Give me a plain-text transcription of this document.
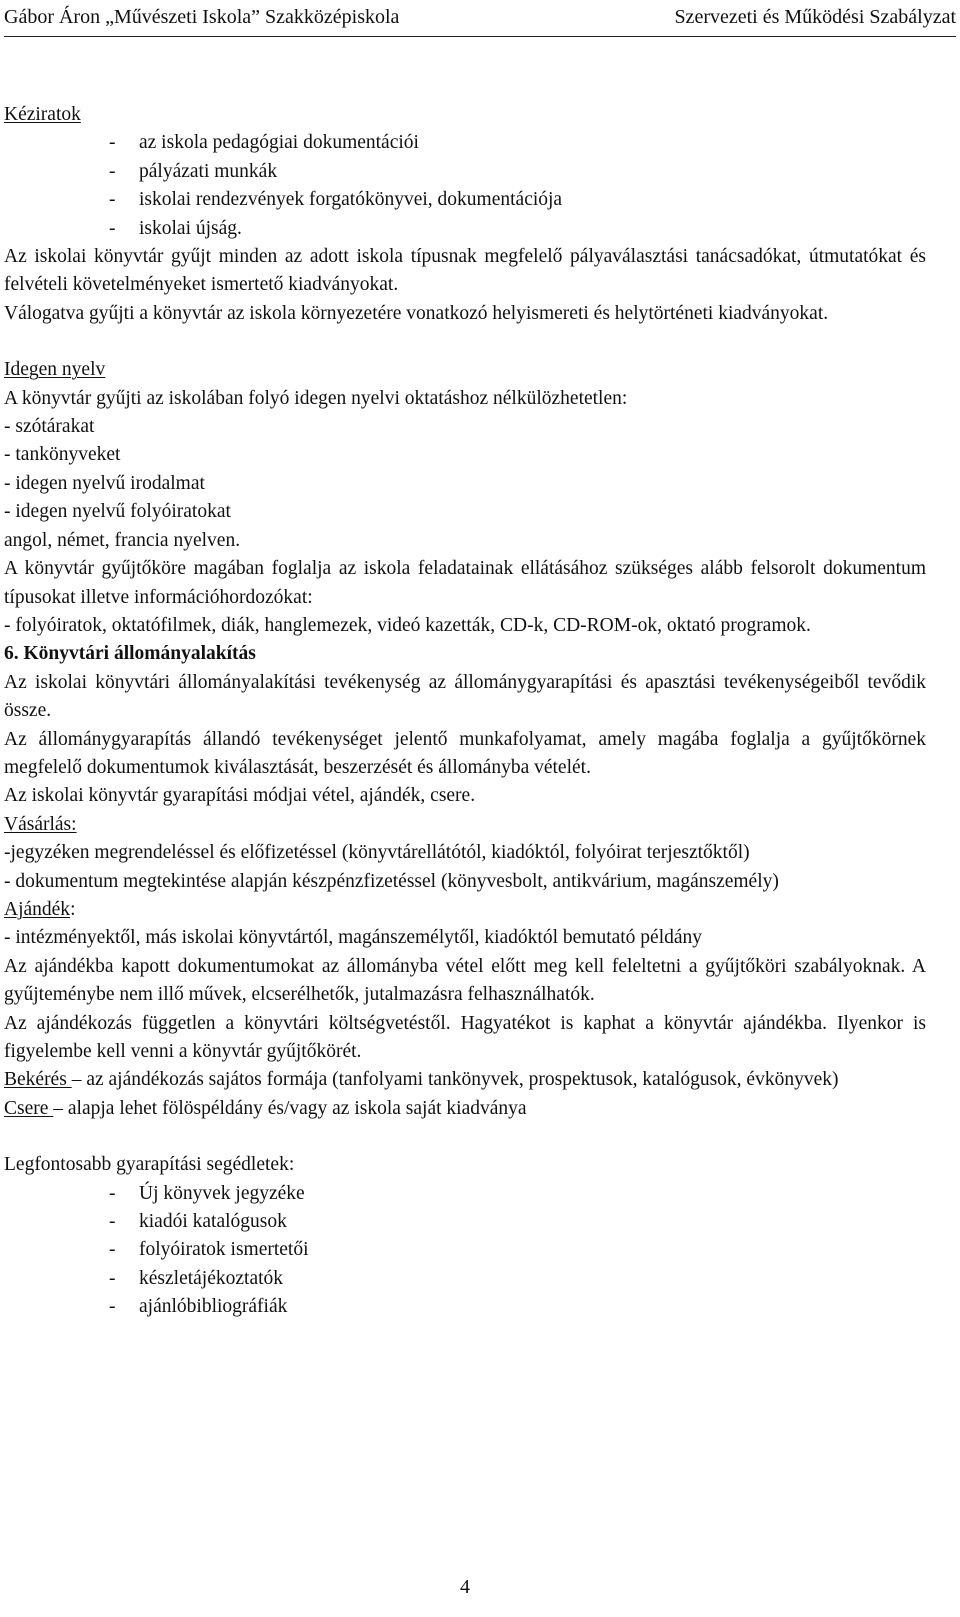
Gábor Áron „Művészeti Iskola” Szakközépiskola	Szervezeti és Működési Szabályzat
Kéziratok
-	az iskola pedagógiai dokumentációi
-	pályázati munkák
-	iskolai rendezvények forgatókönyvei, dokumentációja
-	iskolai újság.
Az iskolai könyvtár gyűjt minden az adott iskola típusnak megfelelő pályaválasztási tanácsadókat, útmutatókat és felvételi követelményeket ismertető kiadványokat.
Válogatva gyűjti a könyvtár az iskola környezetére vonatkozó helyismereti és helytörténeti kiadványokat.
Idegen nyelv
A könyvtár gyűjti az iskolában folyó idegen nyelvi oktatáshoz nélkülözhetetlen:
- szótárakat
- tankönyveket
- idegen nyelvű irodalmat
- idegen nyelvű folyóiratokat
angol, német, francia nyelven.
A könyvtár gyűjtőköre magában foglalja az iskola feladatainak ellátásához szükséges alább felsorolt dokumentum típusokat illetve információhordozókat:
- folyóiratok, oktatófilmek, diák, hanglemezek, videó kazetták, CD-k, CD-ROM-ok, oktató programok.
6. Könyvtári állományalakítás
Az iskolai könyvtári állományalakítási tevékenység az állománygyarapítási és apasztási tevékenységeiből tevődik össze.
Az állománygyarapítás állandó tevékenységet jelentő munkafolyamat, amely magába foglalja a gyűjtőkörnek megfelelő dokumentumok kiválasztását, beszerzését és állományba vételét.
Az iskolai könyvtár gyarapítási módjai vétel, ajándék, csere.
Vásárlás:
-jegyzéken megrendeléssel és előfizetéssel (könyvtárellátótól, kiadóktól, folyóirat terjesztőktől)
- dokumentum megtekintése alapján készpénzfizetéssel (könyvesbolt, antikvárium, magánszemély)
Ajándék:
- intézményektől, más iskolai könyvtártól, magánszemélytől, kiadóktól bemutató példány
Az ajándékba kapott dokumentumokat az állományba vétel előtt meg kell feleltetni a gyűjtőköri szabályoknak. A gyűjteménybe nem illő művek, elcserélhetők, jutalmazásra felhasználhatók.
Az ajándékozás független a könyvtári költségvetéstől. Hagyatékot is kaphat a könyvtár ajándékba. Ilyenkor is figyelembe kell venni a könyvtár gyűjtőkörét.
Bekérés – az ajándékozás sajátos formája (tanfolyami tankönyvek, prospektusok, katalógusok, évkönyvek)
Csere – alapja lehet fölöspéldány és/vagy az iskola saját kiadványa
Legfontosabb gyarapítási segédletek:
-	Új könyvek jegyzéke
-	kiadói katalógusok
-	folyóiratok ismertetői
-	készletájékoztatók
-	ajánlóbibliográfiák
4
